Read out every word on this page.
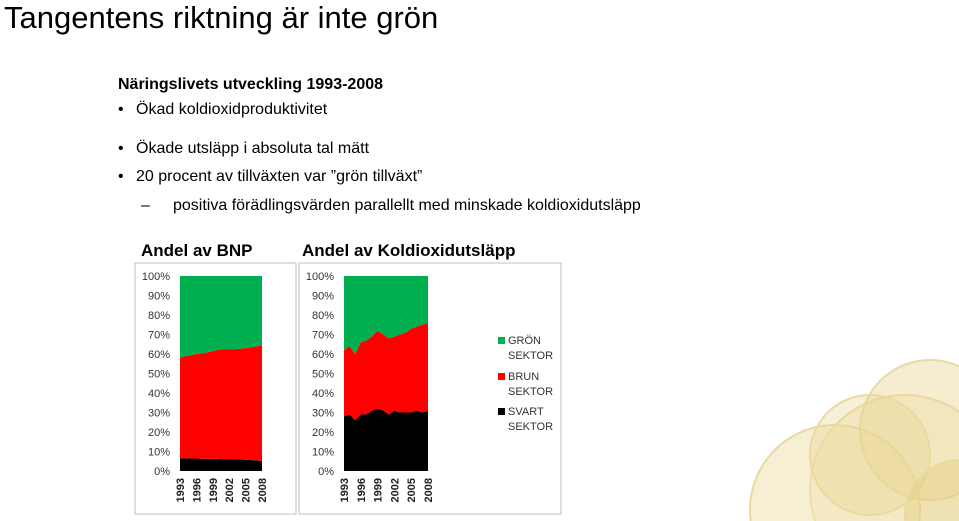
Tangentens riktning är inte grön
Näringslivets utveckling 1993-2008
• Ökad koldioxidproduktivitet
• Ökade utsläpp i absoluta tal mätt
• 20 procent av tillväxten var ”grön tillväxt”
– positiva förädlingsvärden parallellt med minskade koldioxidutsläpp
Andel av BNP	Andel av Koldioxidutsläpp
0%
10%
20%
30%
40%
50%
60%
70%
80%
90%
100%
1993 1996 1999 2002 2005 2008
0%
10%
20%
30%
40%
50%
60%
70%
80%
90%
100%
1993 1996 1999 2002 2005 2008
GRÖN
SEKTOR
BRUN
SEKTOR
SVART
SEKTOR
